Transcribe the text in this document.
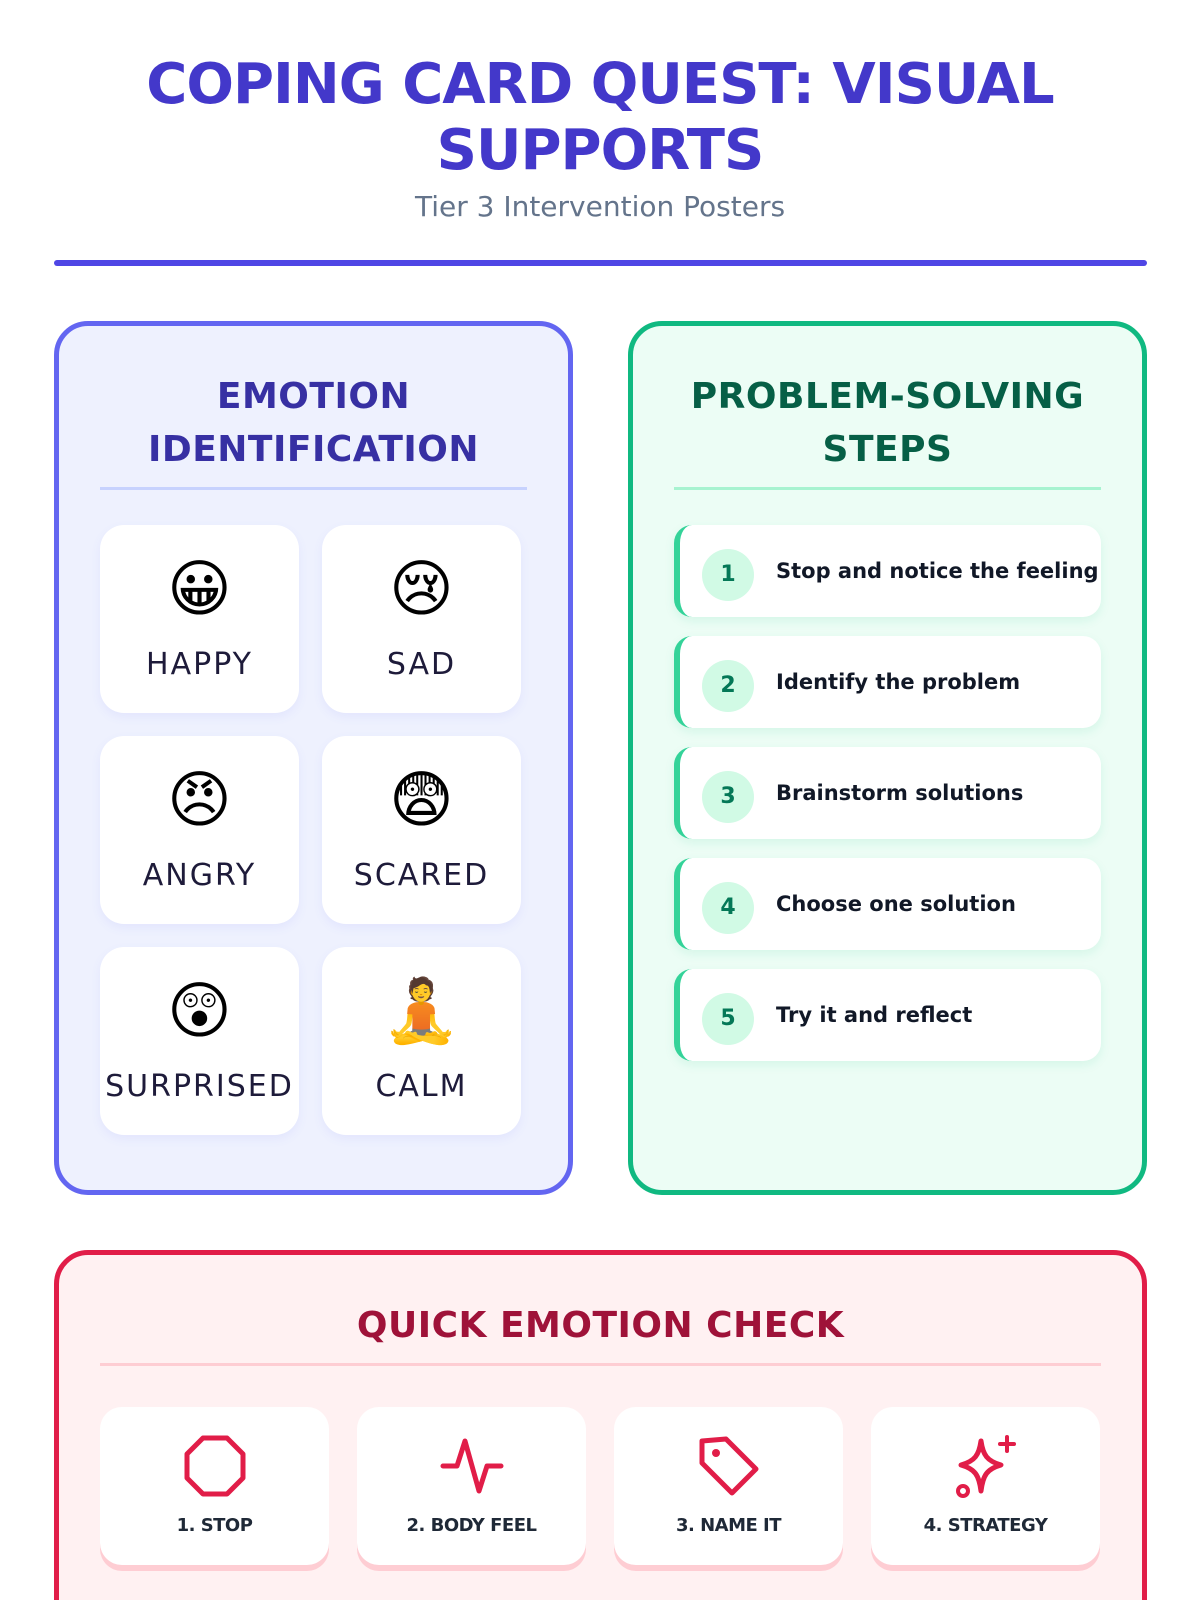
COPING CARD QUEST: VISUAL SUPPORTS
Tier 3 Intervention Posters
EMOTION IDENTIFICATION
😀
HAPPY
😢
SAD
😠
ANGRY
😨
SCARED
😲
SURPRISED
🧘
CALM
PROBLEM-SOLVING STEPS
1	Stop and notice the feeling
2	Identify the problem
3	Brainstorm solutions
4	Choose one solution
5	Try it and reflect
QUICK EMOTION CHECK
1. STOP	2. BODY FEEL	3. NAME IT	4. STRATEGY
